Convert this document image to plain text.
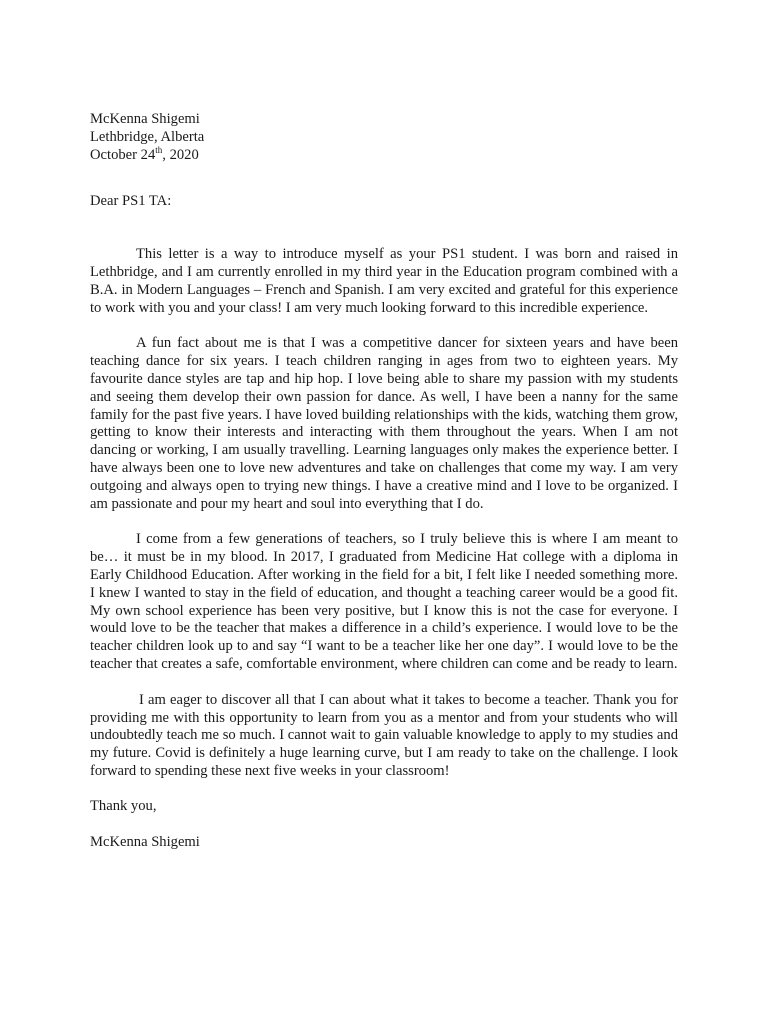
McKenna Shigemi
Lethbridge, Alberta
October 24th, 2020
Dear PS1 TA:

This letter is a way to introduce myself as your PS1 student. I was born and raised in Lethbridge, and I am currently enrolled in my third year in the Education program combined with a B.A. in Modern Languages – French and Spanish. I am very excited and grateful for this experience to work with you and your class! I am very much looking forward to this incredible experience.

A fun fact about me is that I was a competitive dancer for sixteen years and have been teaching dance for six years. I teach children ranging in ages from two to eighteen years. My favourite dance styles are tap and hip hop. I love being able to share my passion with my students and seeing them develop their own passion for dance. As well, I have been a nanny for the same family for the past five years. I have loved building relationships with the kids, watching them grow, getting to know their interests and interacting with them throughout the years. When I am not dancing or working, I am usually travelling. Learning languages only makes the experience better. I have always been one to love new adventures and take on challenges that come my way. I am very outgoing and always open to trying new things. I have a creative mind and I love to be organized. I am passionate and pour my heart and soul into everything that I do.

I come from a few generations of teachers, so I truly believe this is where I am meant to be… it must be in my blood. In 2017, I graduated from Medicine Hat college with a diploma in Early Childhood Education. After working in the field for a bit, I felt like I needed something more. I knew I wanted to stay in the field of education, and thought a teaching career would be a good fit. My own school experience has been very positive, but I know this is not the case for everyone. I would love to be the teacher that makes a difference in a child’s experience. I would love to be the teacher children look up to and say “I want to be a teacher like her one day”. I would love to be the teacher that creates a safe, comfortable environment, where children can come and be ready to learn.

I am eager to discover all that I can about what it takes to become a teacher. Thank you for providing me with this opportunity to learn from you as a mentor and from your students who will undoubtedly teach me so much. I cannot wait to gain valuable knowledge to apply to my studies and my future. Covid is definitely a huge learning curve, but I am ready to take on the challenge. I look forward to spending these next five weeks in your classroom!

Thank you,
McKenna Shigemi
